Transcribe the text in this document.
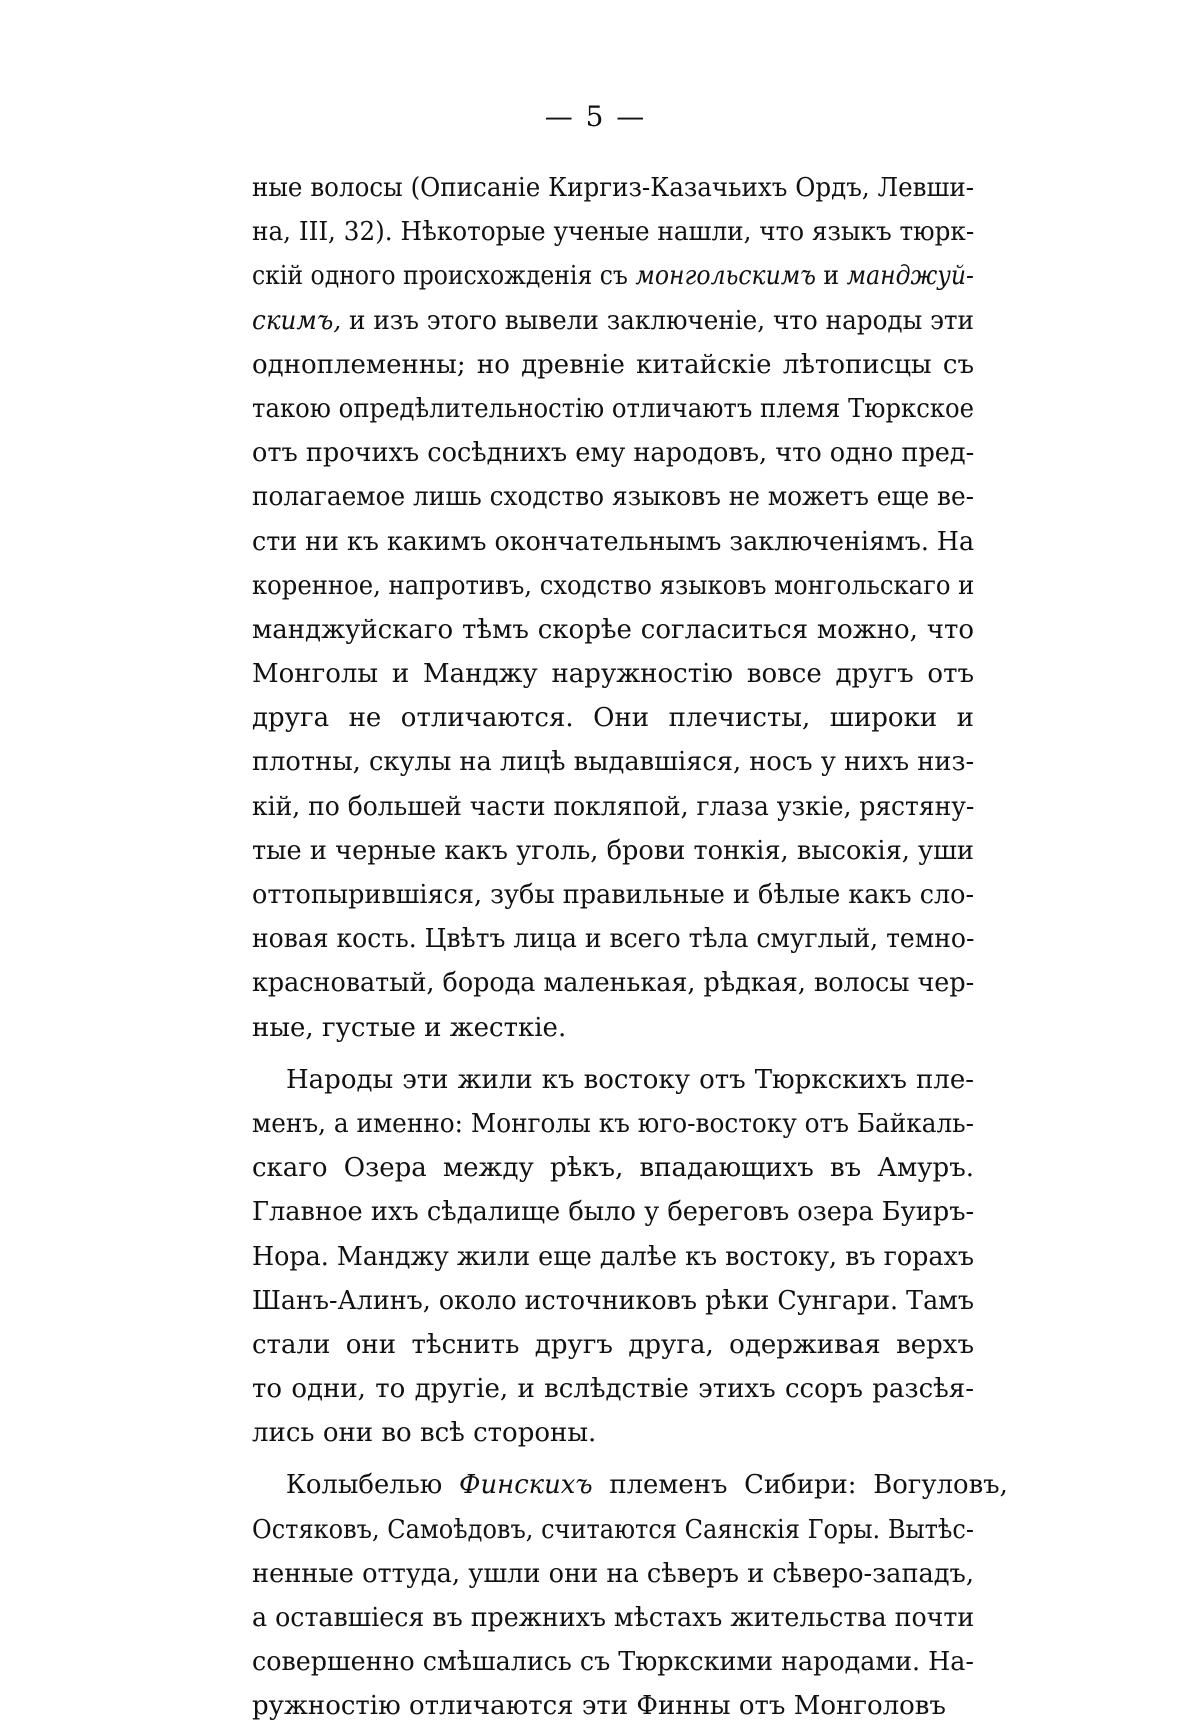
— 5 —
ныe волосы (Описаніе Киргиз-Казачьихъ Ордъ, Левши-
на, III, 32). Нѣкоторые ученые нашли, что языкъ тюрк-
скій одного происхожденія съ монгольскимъ и манджуй-
скимъ, и изъ этого вывели заключеніе, что народы эти
одноплеменны; но древніе китайскіе лѣтописцы съ
такою опредѣлительностію отличаютъ племя Тюркское
отъ прочихъ сосѣднихъ ему народовъ, что одно пред-
полагаемое лишь сходство языковъ не можетъ еще ве-
сти ни къ какимъ окончательнымъ заключеніямъ. На
коренное, напротивъ, сходство языковъ монгольскаго и
манджуйскаго тѣмъ скорѣе согласиться можно, что
Монголы и Манджу наружностію вовсе другъ отъ
друга не отличаются. Они плечисты, широки и
плотны, скулы на лицѣ выдавшіяся, носъ у нихъ низ-
кій, по большей части покляпой, глаза узкіе, рястяну-
тые и черные какъ уголь, брови тонкія, высокія, уши
оттопырившіяся, зубы правильные и бѣлые какъ сло-
новая кость. Цвѣтъ лица и всего тѣла смуглый, темно-
красноватый, борода маленькая, рѣдкая, волосы чер-
ные, густые и жесткіе.
Народы эти жили къ востоку отъ Тюркскихъ пле-
менъ, а именно: Монголы къ юго-востоку отъ Байкаль-
скаго Озера между рѣкъ, впадающихъ въ Амуръ.
Главное ихъ сѣдалище было у береговъ озера Буиръ-
Нора. Манджу жили еще далѣе къ востоку, въ горахъ
Шанъ-Алинъ, около источниковъ рѣки Сунгари. Тамъ
стали они тѣснить другъ друга, одерживая верхъ
то одни, то другіе, и вслѣдствіе этихъ ссоръ разсѣя-
лись они во всѣ стороны.
Колыбелью Финскихъ племенъ Сибири: Вогуловъ,
Остяковъ, Самоѣдовъ, считаются Саянскія Горы. Вытѣс-
ненные оттуда, ушли они на сѣверъ и сѣверо-западъ,
а оставшіеся въ прежнихъ мѣстахъ жительства почти
совершенно смѣшались съ Тюркскими народами. На-
ружностію отличаются эти Финны отъ Монголовъ
